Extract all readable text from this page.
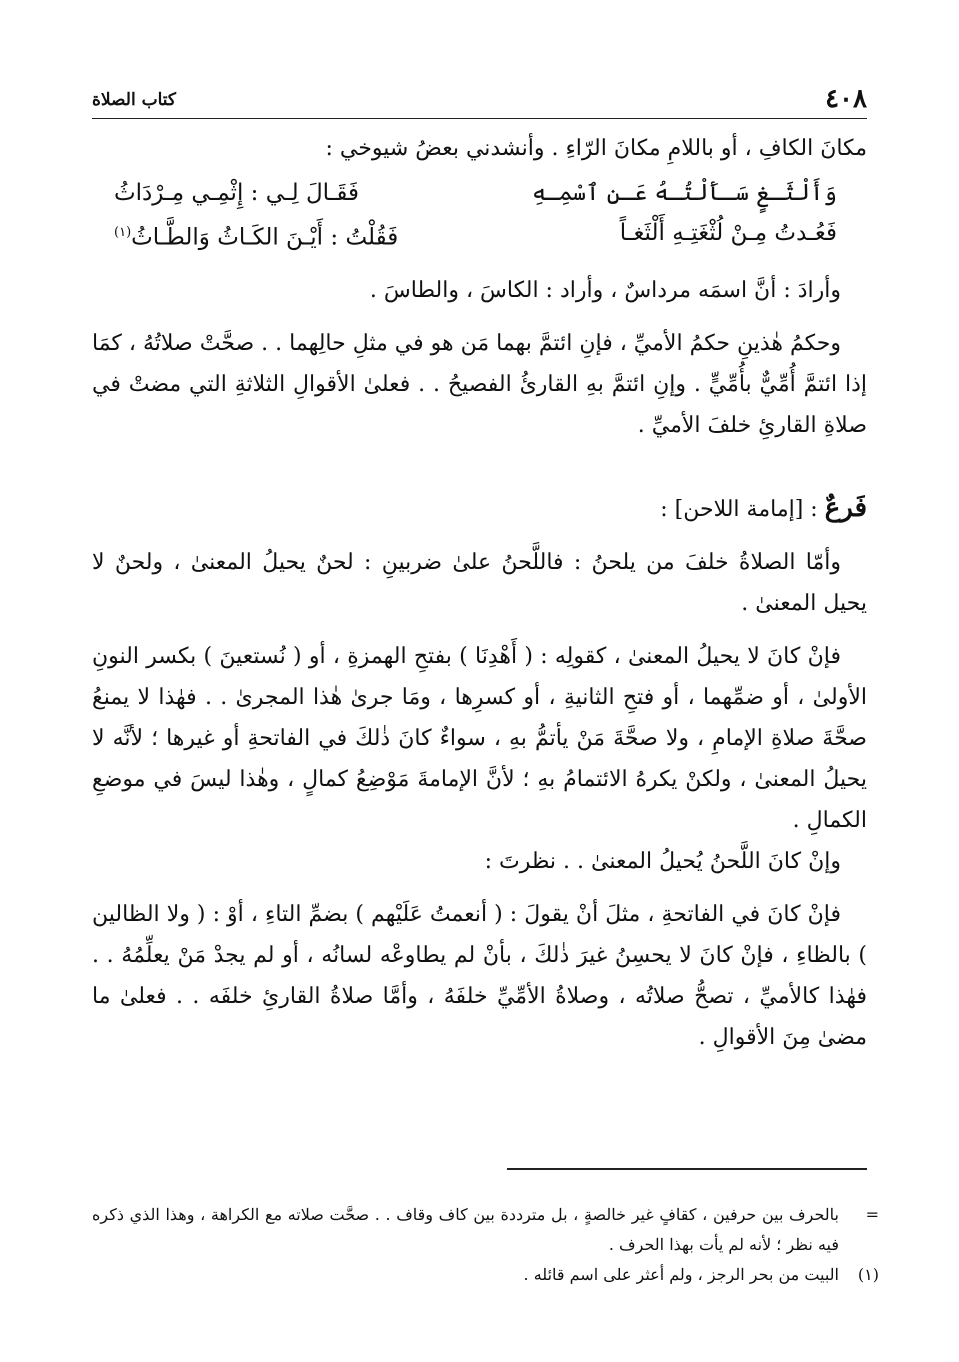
٤٠٨
كتاب الصلاة

مكانَ الكافِ ، أو باللامِ مكانَ الرّاءِ . وأنشدني بعضُ شيوخي :

وَأَلْثَـغٍ سَـأَلْتُـهُ عَـنِ ٱسْمِـهِ
فَقَـالَ لِـي : إِثْمِـي مِـرْدَاثُ
فَعُـدتُ مِـنْ لُثْغَتِـهِ أَلْثَغـاً
فَقُلْتُ : أَيْـنَ الكَـاثُ وَالطَّـاثُ$^{(١)}$

وأرادَ : أنَّ اسمَه مرداسٌ ، وأراد : الكاسَ ، والطاسَ .

وحكمُ هٰذينِ حكمُ الأميِّ ، فإنِ ائتمَّ بهما مَن هو في مثلِ حالِهما . . صحَّتْ صلاتُهُ ، كمَا إذا ائتمَّ أُمِّيٌّ بأُمِّيٍّ . وإنِ ائتمَّ بهِ القارئُ الفصيحُ . . فعلىٰ الأقوالِ الثلاثةِ التي مضتْ في صلاةِ القارئِ خلفَ الأميِّ .

فَرعٌ : [إمامة اللاحن] :

وأمّا الصلاةُ خلفَ من يلحنُ : فاللَّحنُ علىٰ ضربينِ : لحنٌ يحيلُ المعنىٰ ، ولحنٌ لا يحيل المعنىٰ .

فإنْ كانَ لا يحيلُ المعنىٰ ، كقولِه : ( أَهْدِنَا ) بفتحِ الهمزةِ ، أو ( نُستعينَ ) بكسر النونِ الأولىٰ ، أو ضمِّهما ، أو فتحِ الثانيةِ ، أو كسرِها ، ومَا جرىٰ هٰذا المجرىٰ . . فهٰذا لا يمنعُ صحَّةَ صلاةِ الإمامِ ، ولا صحَّةَ مَنْ يأتمُّ بهِ ، سواءٌ كانَ ذٰلكَ في الفاتحةِ أو غيرها ؛ لأنَّه لا يحيلُ المعنىٰ ، ولكنْ يكرهُ الائتمامُ بهِ ؛ لأنَّ الإمامةَ مَوْضِعُ كمالٍ ، وهٰذا ليسَ في موضعِ الكمالِ .

وإنْ كانَ اللَّحنُ يُحيلُ المعنىٰ . . نظرتَ :

فإنْ كانَ في الفاتحةِ ، مثلَ أنْ يقولَ : ( أنعمتُ عَلَيْهم ) بضمِّ التاءِ ، أوْ : ( ولا الظالين ) بالظاءِ ، فإنْ كانَ لا يحسِنُ غيرَ ذٰلكَ ، بأنْ لم يطاوعْه لسانُه ، أو لم يجدْ مَنْ يعلِّمُهُ . . فهٰذا كالأميِّ ، تصحُّ صلاتُه ، وصلاةُ الأمِّيِّ خلفَهُ ، وأمَّا صلاةُ القارئِ خلفَه . . فعلىٰ ما مضىٰ مِنَ الأقوالِ .

=
بالحرف بين حرفين ، كقافٍ غير خالصةٍ ، بل مترددة بين كاف وقاف . . صحَّت صلاته مع الكراهة ، وهذا الذي ذكره فيه نظر ؛ لأنه لم يأت بهذا الحرف .
(١)
البيت من بحر الرجز ، ولم أعثر على اسم قائله .
